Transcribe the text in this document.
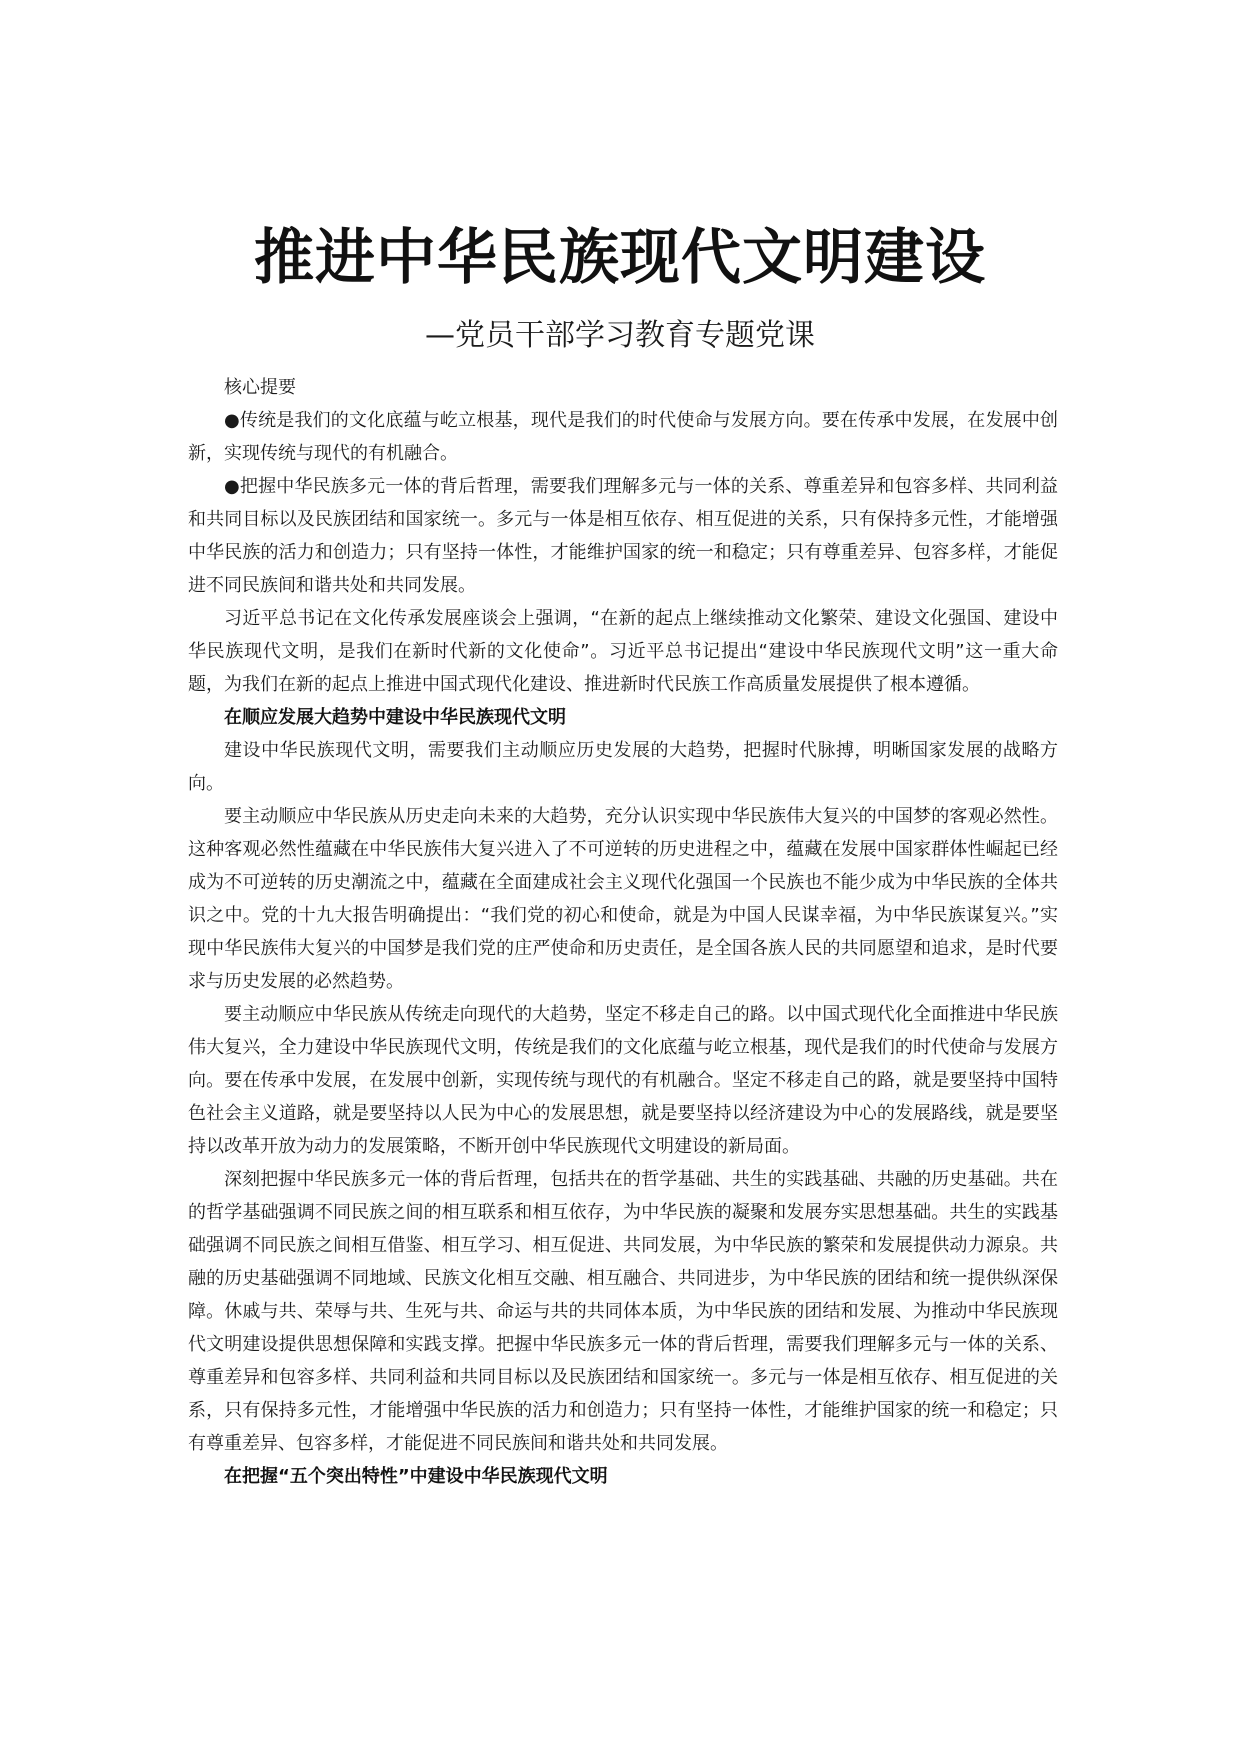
推进中华民族现代文明建设
—党员干部学习教育专题党课

核心提要

●传统是我们的文化底蕴与屹立根基，现代是我们的时代使命与发展方向。要在传承中发展，在发展中创新，实现传统与现代的有机融合。

●把握中华民族多元一体的背后哲理，需要我们理解多元与一体的关系、尊重差异和包容多样、共同利益和共同目标以及民族团结和国家统一。多元与一体是相互依存、相互促进的关系，只有保持多元性，才能增强中华民族的活力和创造力；只有坚持一体性，才能维护国家的统一和稳定；只有尊重差异、包容多样，才能促进不同民族间和谐共处和共同发展。

习近平总书记在文化传承发展座谈会上强调，“在新的起点上继续推动文化繁荣、建设文化强国、建设中华民族现代文明，是我们在新时代新的文化使命”。习近平总书记提出“建设中华民族现代文明”这一重大命题，为我们在新的起点上推进中国式现代化建设、推进新时代民族工作高质量发展提供了根本遵循。

在顺应发展大趋势中建设中华民族现代文明

建设中华民族现代文明，需要我们主动顺应历史发展的大趋势，把握时代脉搏，明晰国家发展的战略方向。

要主动顺应中华民族从历史走向未来的大趋势，充分认识实现中华民族伟大复兴的中国梦的客观必然性。这种客观必然性蕴藏在中华民族伟大复兴进入了不可逆转的历史进程之中，蕴藏在发展中国家群体性崛起已经成为不可逆转的历史潮流之中，蕴藏在全面建成社会主义现代化强国一个民族也不能少成为中华民族的全体共识之中。党的十九大报告明确提出：“我们党的初心和使命，就是为中国人民谋幸福，为中华民族谋复兴。”实现中华民族伟大复兴的中国梦是我们党的庄严使命和历史责任，是全国各族人民的共同愿望和追求，是时代要求与历史发展的必然趋势。

要主动顺应中华民族从传统走向现代的大趋势，坚定不移走自己的路。以中国式现代化全面推进中华民族伟大复兴，全力建设中华民族现代文明，传统是我们的文化底蕴与屹立根基，现代是我们的时代使命与发展方向。要在传承中发展，在发展中创新，实现传统与现代的有机融合。坚定不移走自己的路，就是要坚持中国特色社会主义道路，就是要坚持以人民为中心的发展思想，就是要坚持以经济建设为中心的发展路线，就是要坚持以改革开放为动力的发展策略，不断开创中华民族现代文明建设的新局面。

深刻把握中华民族多元一体的背后哲理，包括共在的哲学基础、共生的实践基础、共融的历史基础。共在的哲学基础强调不同民族之间的相互联系和相互依存，为中华民族的凝聚和发展夯实思想基础。共生的实践基础强调不同民族之间相互借鉴、相互学习、相互促进、共同发展，为中华民族的繁荣和发展提供动力源泉。共融的历史基础强调不同地域、民族文化相互交融、相互融合、共同进步，为中华民族的团结和统一提供纵深保障。休戚与共、荣辱与共、生死与共、命运与共的共同体本质，为中华民族的团结和发展、为推动中华民族现代文明建设提供思想保障和实践支撑。把握中华民族多元一体的背后哲理，需要我们理解多元与一体的关系、尊重差异和包容多样、共同利益和共同目标以及民族团结和国家统一。多元与一体是相互依存、相互促进的关系，只有保持多元性，才能增强中华民族的活力和创造力；只有坚持一体性，才能维护国家的统一和稳定；只有尊重差异、包容多样，才能促进不同民族间和谐共处和共同发展。

在把握“五个突出特性”中建设中华民族现代文明
